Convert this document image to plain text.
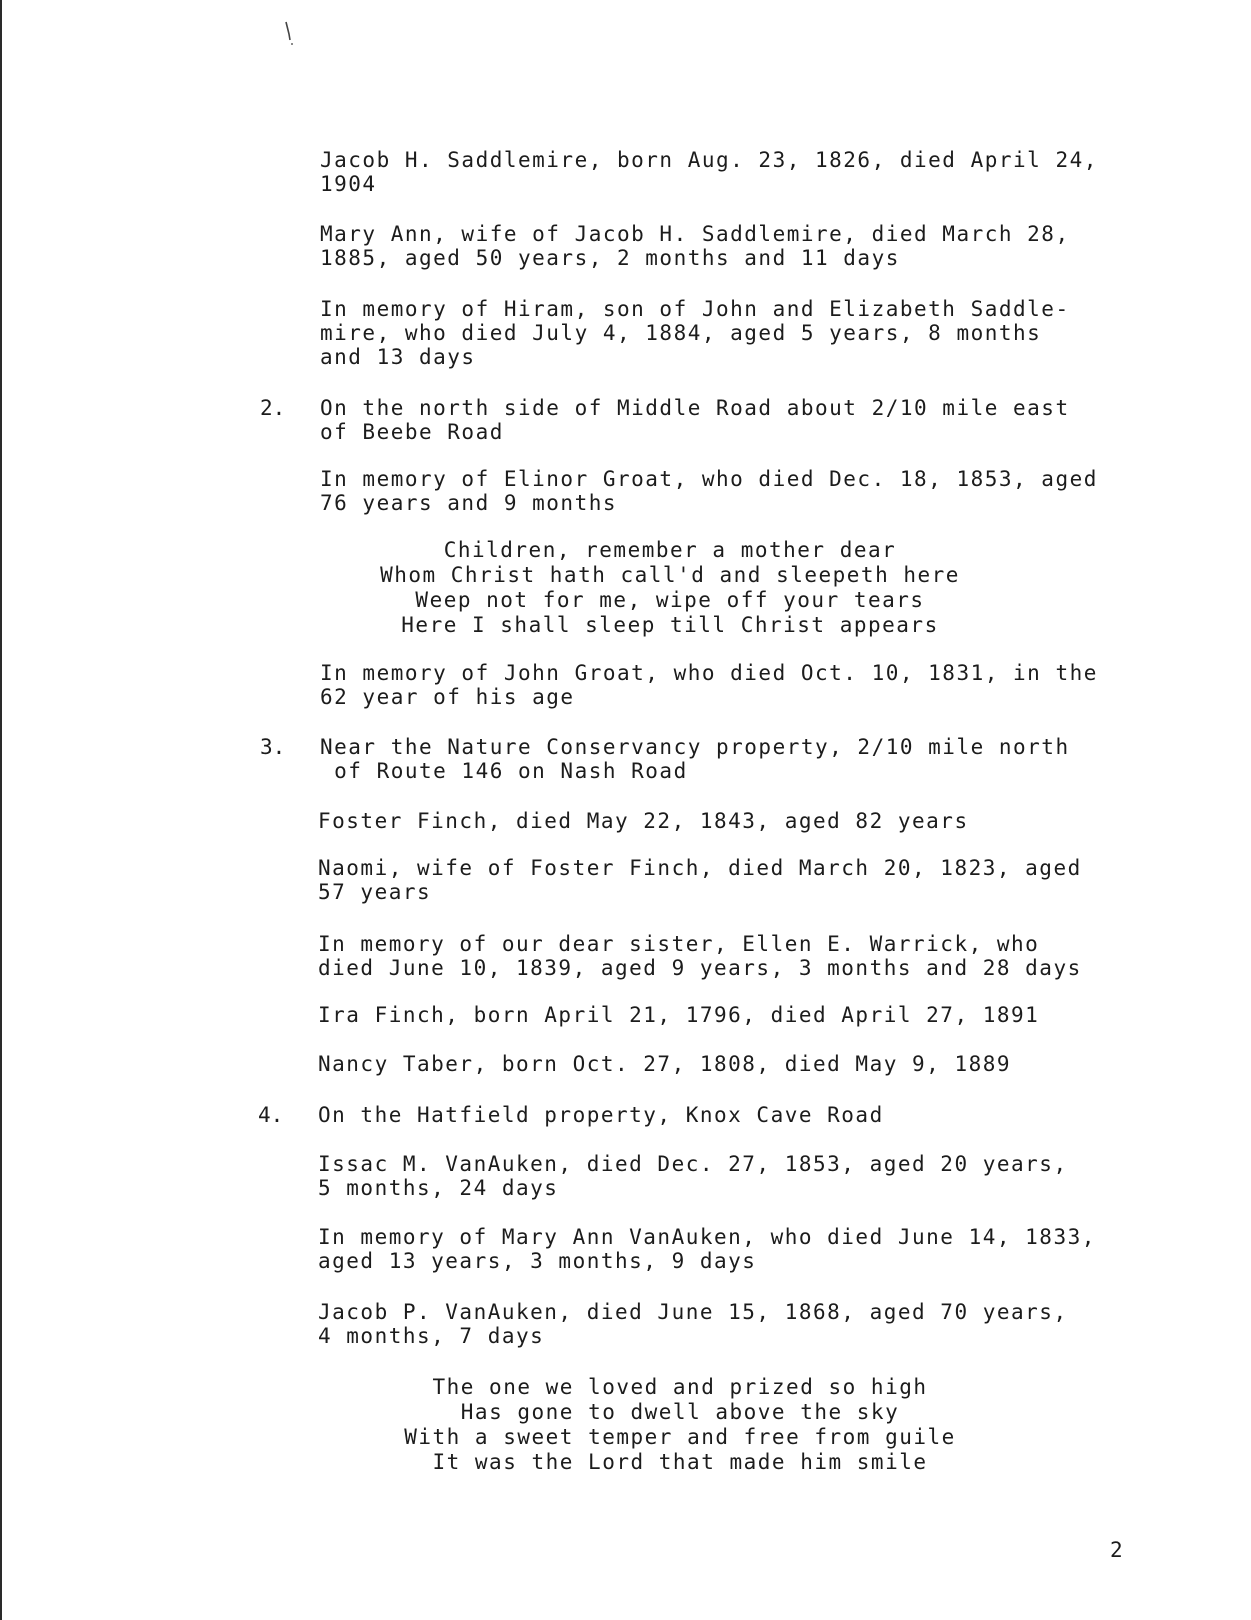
Jacob H. Saddlemire, born Aug. 23, 1826, died April 24,
1904

Mary Ann, wife of Jacob H. Saddlemire, died March 28,
1885, aged 50 years, 2 months and 11 days

In memory of Hiram, son of John and Elizabeth Saddle-
mire, who died July 4, 1884, aged 5 years, 8 months
and 13 days

2. On the north side of Middle Road about 2/10 mile east
of Beebe Road

In memory of Elinor Groat, who died Dec. 18, 1853, aged
76 years and 9 months

Children, remember a mother dear
Whom Christ hath call'd and sleepeth here
Weep not for me, wipe off your tears
Here I shall sleep till Christ appears

In memory of John Groat, who died Oct. 10, 1831, in the
62 year of his age

3. Near the Nature Conservancy property, 2/10 mile north
of Route 146 on Nash Road

Foster Finch, died May 22, 1843, aged 82 years

Naomi, wife of Foster Finch, died March 20, 1823, aged
57 years

In memory of our dear sister, Ellen E. Warrick, who
died June 10, 1839, aged 9 years, 3 months and 28 days

Ira Finch, born April 21, 1796, died April 27, 1891

Nancy Taber, born Oct. 27, 1808, died May 9, 1889

4. On the Hatfield property, Knox Cave Road

Issac M. VanAuken, died Dec. 27, 1853, aged 20 years,
5 months, 24 days

In memory of Mary Ann VanAuken, who died June 14, 1833,
aged 13 years, 3 months, 9 days

Jacob P. VanAuken, died June 15, 1868, aged 70 years,
4 months, 7 days

The one we loved and prized so high
Has gone to dwell above the sky
With a sweet temper and free from guile
It was the Lord that made him smile

2
